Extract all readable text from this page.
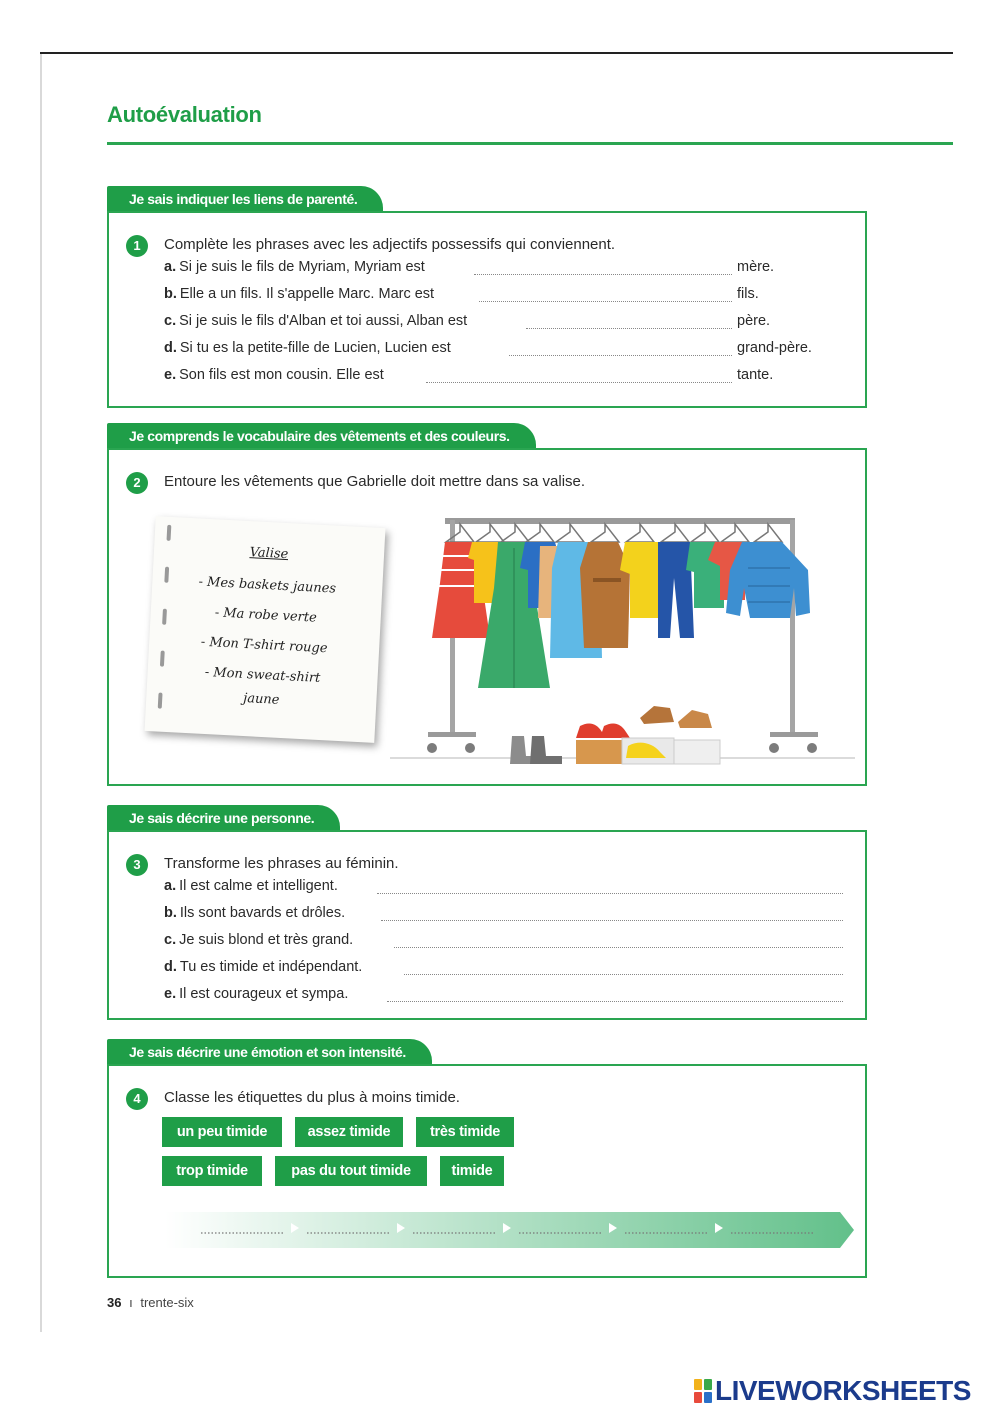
Autoévaluation
Je sais indiquer les liens de parenté.
1	Complète les phrases avec les adjectifs possessifs qui conviennent.
a. Si je suis le fils de Myriam, Myriam est	mère.
b. Elle a un fils. Il s'appelle Marc. Marc est	fils.
c. Si je suis le fils d'Alban et toi aussi, Alban est	père.
d. Si tu es la petite-fille de Lucien, Lucien est	grand-père.
e. Son fils est mon cousin. Elle est	tante.
Je comprends le vocabulaire des vêtements et des couleurs.
2	Entoure les vêtements que Gabrielle doit mettre dans sa valise.
Valise
- Mes baskets jaunes
- Ma robe verte
- Mon T-shirt rouge
- Mon sweat-shirt
jaune
Je sais décrire une personne.
3	Transforme les phrases au féminin.
a. Il est calme et intelligent.
b. Ils sont bavards et drôles.
c. Je suis blond et très grand.
d. Tu es timide et indépendant.
e. Il est courageux et sympa.
Je sais décrire une émotion et son intensité.
4	Classe les étiquettes du plus à moins timide.
un peu timide	assez timide	très timide
trop timide	pas du tout timide	timide
36 ı trente-six
LIVEWORKSHEETS
